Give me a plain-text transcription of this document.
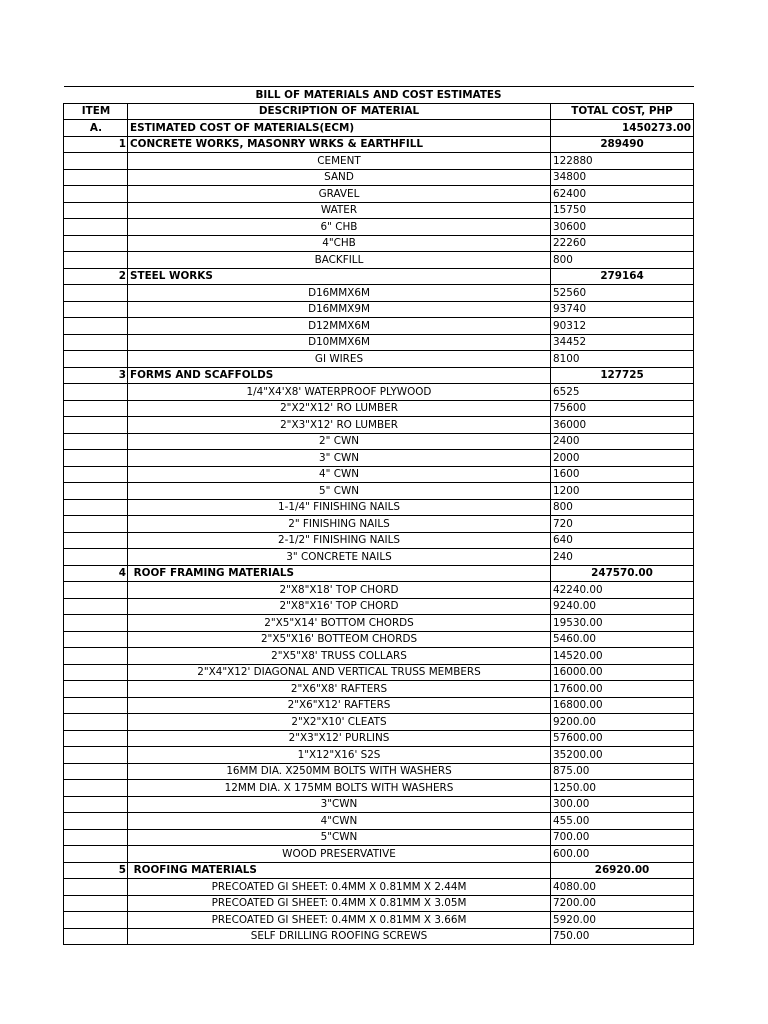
BILL OF MATERIALS AND COST ESTIMATES		
ITEM	DESCRIPTION OF MATERIAL	TOTAL COST, PHP
A.	ESTIMATED COST OF MATERIALS(ECM)	1450273.00
1	CONCRETE WORKS, MASONRY WRKS & EARTHFILL	289490
	CEMENT	122880
	SAND	34800
	GRAVEL	62400
	WATER	15750
	6" CHB	30600
	4"CHB	22260
	BACKFILL	800
2	STEEL WORKS	279164
	D16MMX6M	52560
	D16MMX9M	93740
	D12MMX6M	90312
	D10MMX6M	34452
	GI WIRES	8100
3	FORMS AND SCAFFOLDS	127725
	1/4"X4'X8' WATERPROOF PLYWOOD	6525
	2"X2"X12' RO LUMBER	75600
	2"X3"X12' RO LUMBER	36000
	2" CWN	2400
	3" CWN	2000
	4" CWN	1600
	5" CWN	1200
	1-1/4" FINISHING NAILS	800
	2" FINISHING NAILS	720
	2-1/2" FINISHING NAILS	640
	3" CONCRETE NAILS	240
4	ROOF FRAMING MATERIALS	247570.00
	2"X8"X18' TOP CHORD	42240.00
	2"X8"X16' TOP CHORD	9240.00
	2"X5"X14' BOTTOM CHORDS	19530.00
	2"X5"X16' BOTTEOM CHORDS	5460.00
	2"X5"X8' TRUSS COLLARS	14520.00
	2"X4"X12' DIAGONAL AND VERTICAL TRUSS MEMBERS	16000.00
	2"X6"X8' RAFTERS	17600.00
	2"X6"X12' RAFTERS	16800.00
	2"X2"X10' CLEATS	9200.00
	2"X3"X12' PURLINS	57600.00
	1"X12"X16' S2S	35200.00
	16MM DIA. X250MM BOLTS WITH WASHERS	875.00
	12MM DIA. X 175MM BOLTS WITH WASHERS	1250.00
	3"CWN	300.00
	4"CWN	455.00
	5"CWN	700.00
	WOOD PRESERVATIVE	600.00
5	ROOFING MATERIALS	26920.00
	PRECOATED GI SHEET: 0.4MM X 0.81MM X 2.44M	4080.00
	PRECOATED GI SHEET: 0.4MM X 0.81MM X 3.05M	7200.00
	PRECOATED GI SHEET: 0.4MM X 0.81MM X 3.66M	5920.00
	SELF DRILLING ROOFING SCREWS	750.00
